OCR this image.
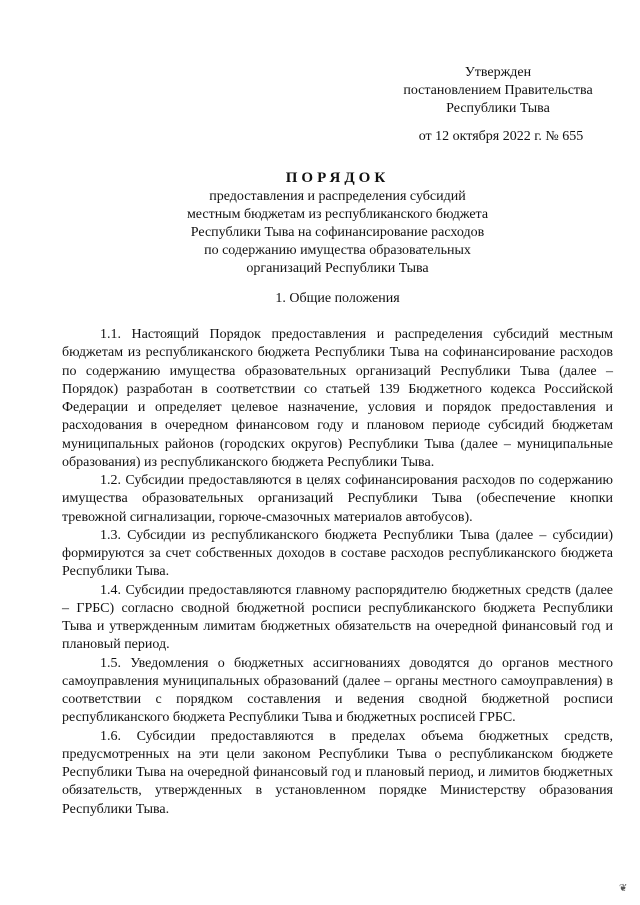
Утвержден
постановлением Правительства
Республики Тыва
от 12 октября 2022 г. № 655
ПОРЯДОК
предоставления и распределения субсидий
местным бюджетам из республиканского бюджета
Республики Тыва на софинансирование расходов
по содержанию имущества образовательных
организаций Республики Тыва
1. Общие положения

1.1. Настоящий Порядок предоставления и распределения субсидий местным бюджетам из республиканского бюджета Республики Тыва на софинансирование расходов по содержанию имущества образовательных организаций Республики Тыва (далее – Порядок) разработан в соответствии со статьей 139 Бюджетного кодекса Российской Федерации и определяет целевое назначение, условия и порядок предоставления и расходования в очередном финансовом году и плановом периоде субсидий бюджетам муниципальных районов (городских округов) Республики Тыва (далее – муниципальные образования) из республиканского бюджета Республики Тыва.

1.2. Субсидии предоставляются в целях софинансирования расходов по содержанию имущества образовательных организаций Республики Тыва (обеспечение кнопки тревожной сигнализации, горюче-смазочных материалов автобусов).

1.3. Субсидии из республиканского бюджета Республики Тыва (далее – субсидии) формируются за счет собственных доходов в составе расходов республиканского бюджета Республики Тыва.

1.4. Субсидии предоставляются главному распорядителю бюджетных средств (далее – ГРБС) согласно сводной бюджетной росписи республиканского бюджета Республики Тыва и утвержденным лимитам бюджетных обязательств на очередной финансовый год и плановый период.

1.5. Уведомления о бюджетных ассигнованиях доводятся до органов местного самоуправления муниципальных образований (далее – органы местного самоуправления) в соответствии с порядком составления и ведения сводной бюджетной росписи республиканского бюджета Республики Тыва и бюджетных росписей ГРБС.

1.6. Субсидии предоставляются в пределах объема бюджетных средств, предусмотренных на эти цели законом Республики Тыва о республиканском бюджете Республики Тыва на очередной финансовый год и плановый период, и лимитов бюджетных обязательств, утвержденных в установленном порядке Министерству образования Республики Тыва.

❦
